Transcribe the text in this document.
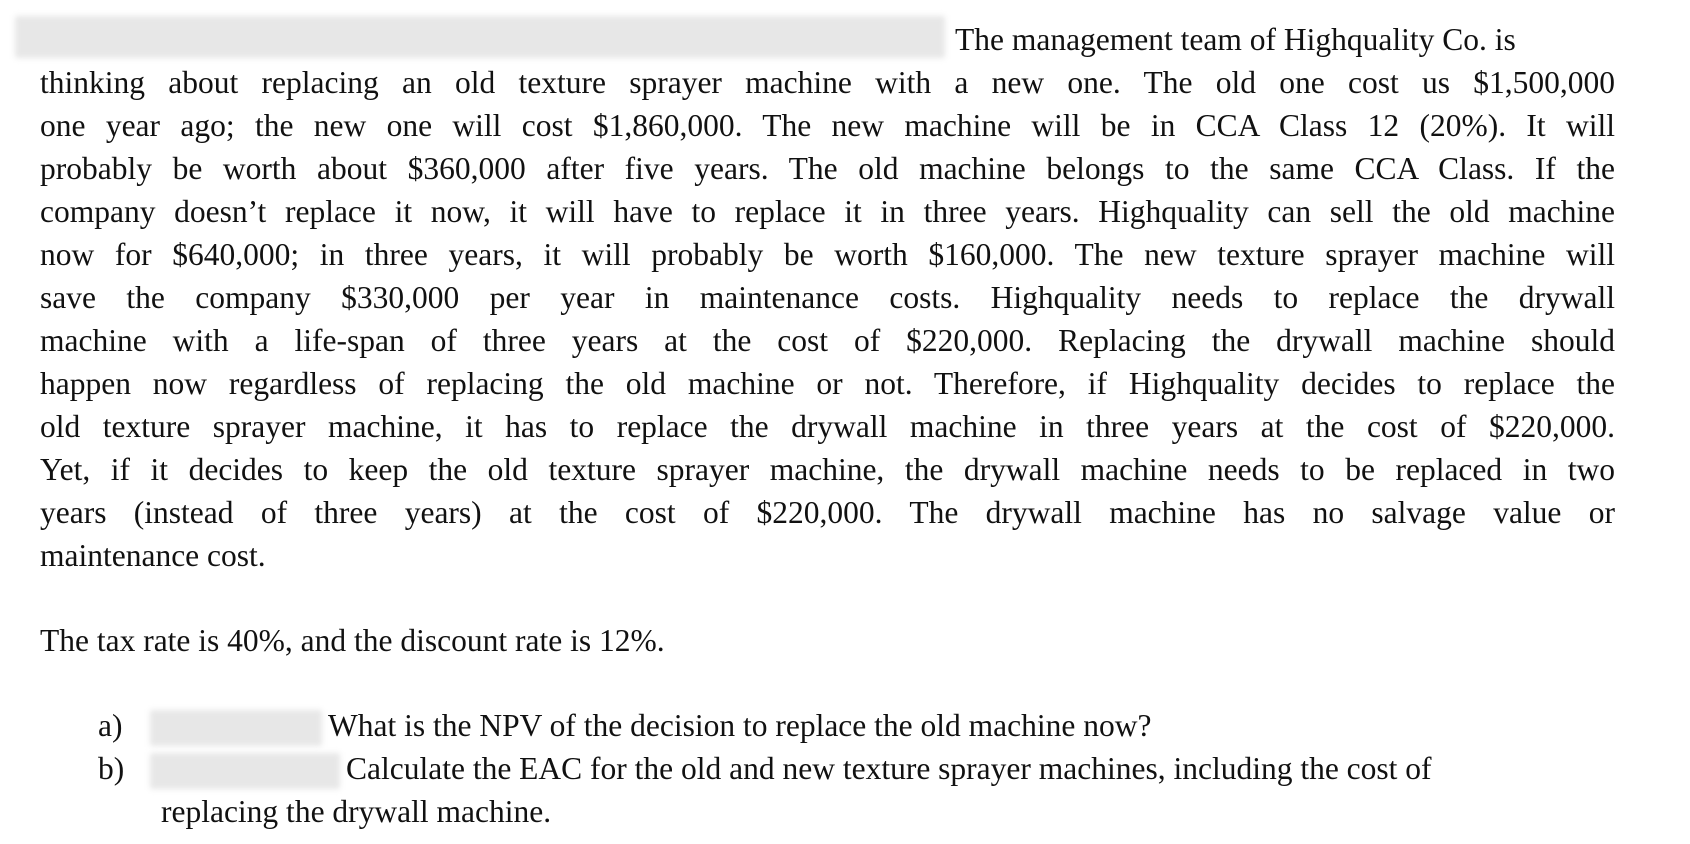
The management team of Highquality Co. is
thinking about replacing an old texture sprayer machine with a new one. The old one cost us $1,500,000
one year ago; the new one will cost $1,860,000. The new machine will be in CCA Class 12 (20%). It will
probably be worth about $360,000 after five years. The old machine belongs to the same CCA Class. If the
company doesn’t replace it now, it will have to replace it in three years. Highquality can sell the old machine
now for $640,000; in three years, it will probably be worth $160,000. The new texture sprayer machine will
save the company $330,000 per year in maintenance costs. Highquality needs to replace the drywall
machine with a life-span of three years at the cost of $220,000. Replacing the drywall machine should
happen now regardless of replacing the old machine or not. Therefore, if Highquality decides to replace the
old texture sprayer machine, it has to replace the drywall machine in three years at the cost of $220,000.
Yet, if it decides to keep the old texture sprayer machine, the drywall machine needs to be replaced in two
years (instead of three years) at the cost of $220,000. The drywall machine has no salvage value or
maintenance cost.
The tax rate is 40%, and the discount rate is 12%.
a)	What is the NPV of the decision to replace the old machine now?
b)	Calculate the EAC for the old and new texture sprayer machines, including the cost of
replacing the drywall machine.
